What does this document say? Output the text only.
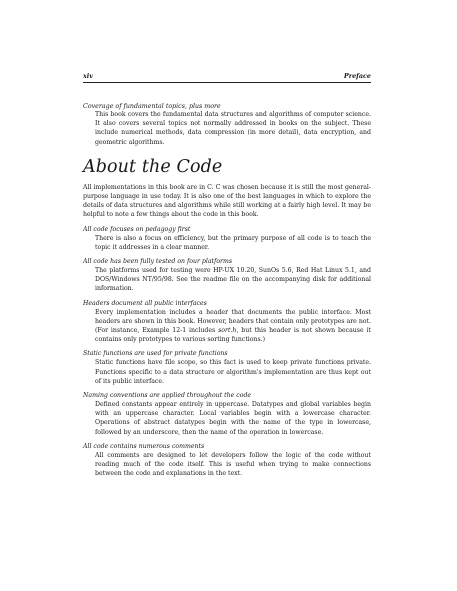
xiv	Preface
Coverage of fundamental topics, plus more

This book covers the fundamental data structures and algorithms of computer science. It also covers several topics not normally addressed in books on the subject. These include numerical methods, data compression (in more detail), data encryption, and geometric algorithms.

About the Code

All implementations in this book are in C. C was chosen because it is still the most general-purpose language in use today. It is also one of the best languages in which to explore the details of data structures and algorithms while still working at a fairly high level. It may be helpful to note a few things about the code in this book.

All code focuses on pedagogy first

There is also a focus on efficiency, but the primary purpose of all code is to teach the topic it addresses in a clear manner.

All code has been fully tested on four platforms

The platforms used for testing were HP-UX 10.20, SunOs 5.6, Red Hat Linux 5.1, and DOS/Windows NT/95/98. See the readme file on the accompanying disk for additional information.

Headers document all public interfaces

Every implementation includes a header that documents the public interface. Most headers are shown in this book. However, headers that contain only prototypes are not. (For instance, Example 12-1 includes sort.h, but this header is not shown because it contains only prototypes to various sorting functions.)

Static functions are used for private functions

Static functions have file scope, so this fact is used to keep private functions private. Functions specific to a data structure or algorithm's implementation are thus kept out of its public interface.

Naming conventions are applied throughout the code

Defined constants appear entirely in uppercase. Datatypes and global variables begin with an uppercase character. Local variables begin with a lowercase character. Operations of abstract datatypes begin with the name of the type in lowercase, followed by an underscore, then the name of the operation in lowercase.

All code contains numerous comments

All comments are designed to let developers follow the logic of the code without reading much of the code itself. This is useful when trying to make connections between the code and explanations in the text.
